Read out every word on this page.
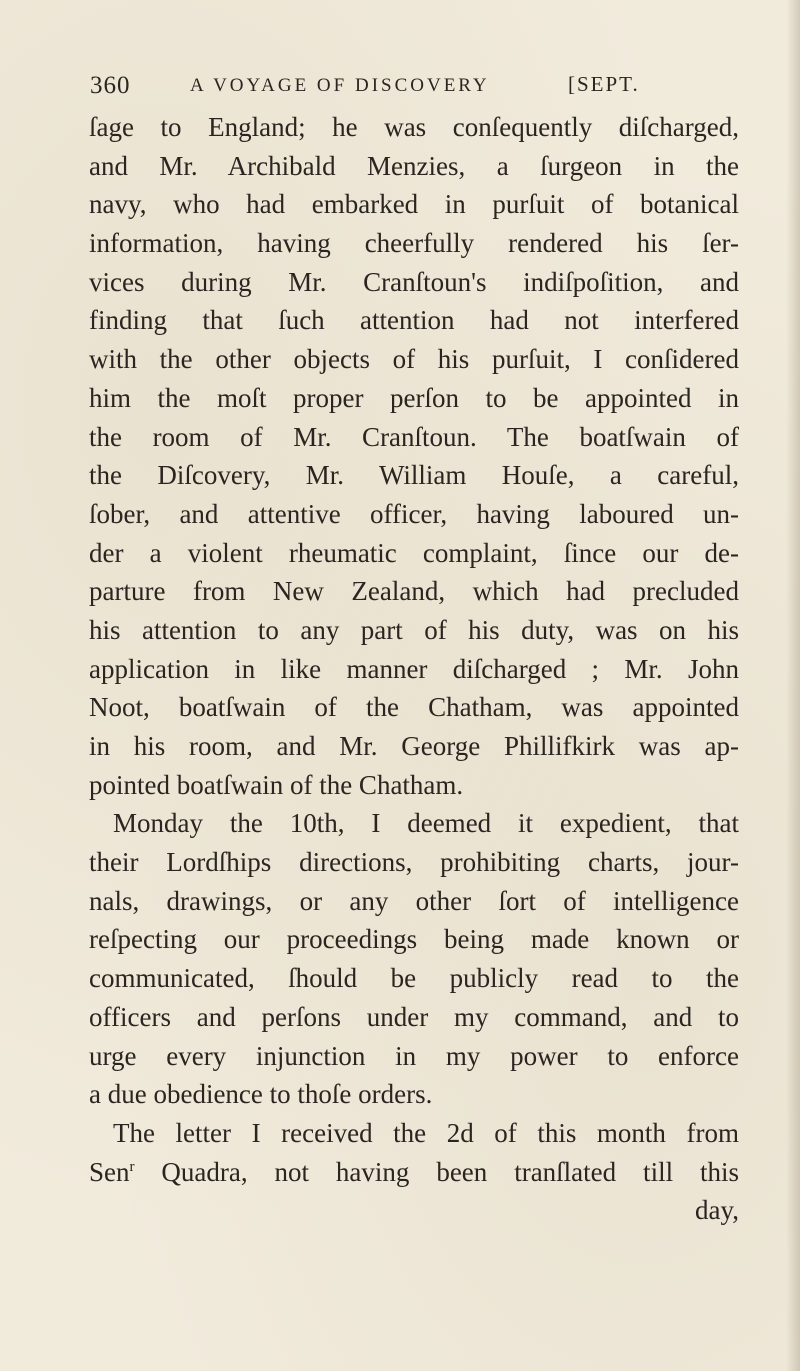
360	A VOYAGE OF DISCOVERY	[SEPT.
ſage to England; he was conſequently diſcharged,
and Mr. Archibald Menzies, a ſurgeon in the
navy, who had embarked in purſuit of botanical
information, having cheerfully rendered his ſer-
vices during Mr. Cranſtoun's indiſpoſition, and
finding that ſuch attention had not interfered
with the other objects of his purſuit, I conſidered
him the moſt proper perſon to be appointed in
the room of Mr. Cranſtoun. The boatſwain of
the Diſcovery, Mr. William Houſe, a careful,
ſober, and attentive officer, having laboured un-
der a violent rheumatic complaint, ſince our de-
parture from New Zealand, which had precluded
his attention to any part of his duty, was on his
application in like manner diſcharged ; Mr. John
Noot, boatſwain of the Chatham, was appointed
in his room, and Mr. George Phillifkirk was ap-
pointed boatſwain of the Chatham.
Monday the 10th, I deemed it expedient, that
their Lordſhips directions, prohibiting charts, jour-
nals, drawings, or any other ſort of intelligence
reſpecting our proceedings being made known or
communicated, ſhould be publicly read to the
officers and perſons under my command, and to
urge every injunction in my power to enforce
a due obedience to thoſe orders.
The letter I received the 2d of this month from
Sen$^r$ Quadra, not having been tranſlated till this
day,
